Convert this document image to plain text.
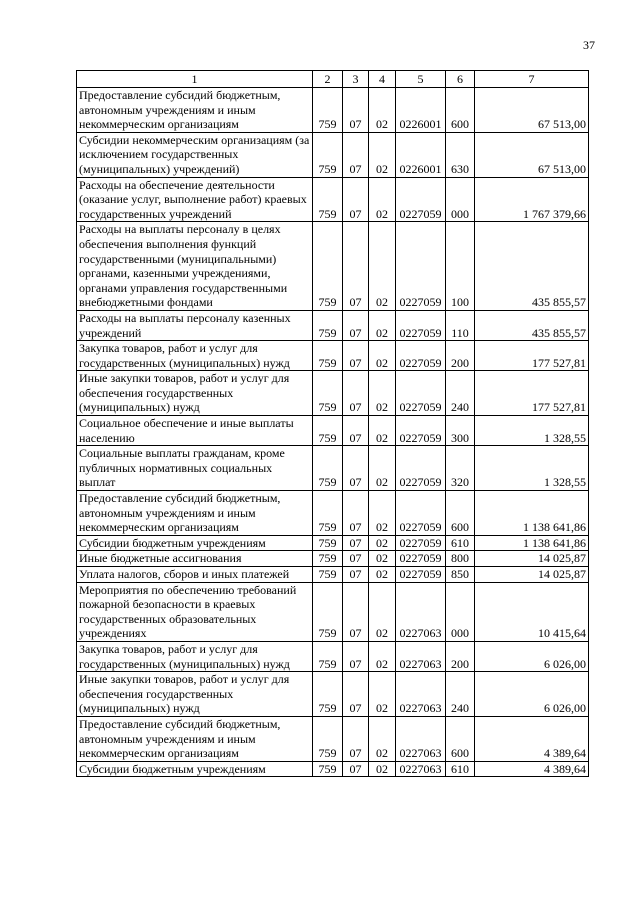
37
1	2	3	4	5	6	7
Предоставление субсидий бюджетным, автономным учреждениям и иным некоммерческим организациям	759	07	02	0226001	600	67 513,00
Субсидии некоммерческим организациям (за исключением государственных (муниципальных) учреждений)	759	07	02	0226001	630	67 513,00
Расходы на обеспечение деятельности (оказание услуг, выполнение работ) краевых государственных учреждений	759	07	02	0227059	000	1 767 379,66
Расходы на выплаты персоналу в целях обеспечения выполнения функций государственными (муниципальными) органами, казенными учреждениями, органами управления государственными внебюджетными фондами	759	07	02	0227059	100	435 855,57
Расходы на выплаты персоналу казенных учреждений	759	07	02	0227059	110	435 855,57
Закупка товаров, работ и услуг для государственных (муниципальных) нужд	759	07	02	0227059	200	177 527,81
Иные закупки товаров, работ и услуг для обеспечения государственных (муниципальных) нужд	759	07	02	0227059	240	177 527,81
Социальное обеспечение и иные выплаты населению	759	07	02	0227059	300	1 328,55
Социальные выплаты гражданам, кроме публичных нормативных социальных выплат	759	07	02	0227059	320	1 328,55
Предоставление субсидий бюджетным, автономным учреждениям и иным некоммерческим организациям	759	07	02	0227059	600	1 138 641,86
Субсидии бюджетным учреждениям	759	07	02	0227059	610	1 138 641,86
Иные бюджетные ассигнования	759	07	02	0227059	800	14 025,87
Уплата налогов, сборов и иных платежей	759	07	02	0227059	850	14 025,87
Мероприятия по обеспечению требований пожарной безопасности в краевых государственных образовательных учреждениях	759	07	02	0227063	000	10 415,64
Закупка товаров, работ и услуг для государственных (муниципальных) нужд	759	07	02	0227063	200	6 026,00
Иные закупки товаров, работ и услуг для обеспечения государственных (муниципальных) нужд	759	07	02	0227063	240	6 026,00
Предоставление субсидий бюджетным, автономным учреждениям и иным некоммерческим организациям	759	07	02	0227063	600	4 389,64
Субсидии бюджетным учреждениям	759	07	02	0227063	610	4 389,64
